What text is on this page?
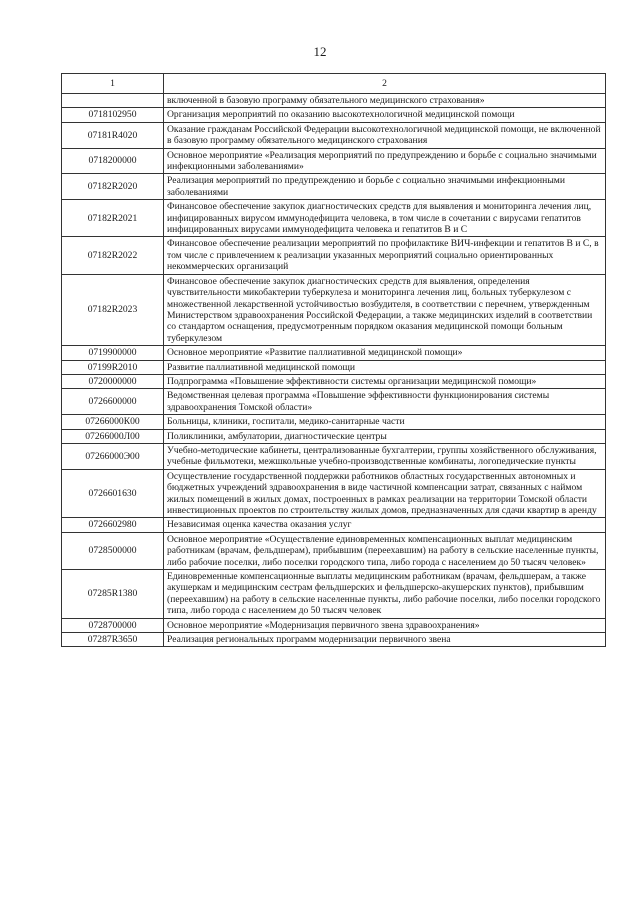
12
1	2
	включенной в базовую программу обязательного медицинского страхования»
0718102950	Организация мероприятий по оказанию высокотехнологичной медицинской помощи
07181R4020	Оказание гражданам Российской Федерации высокотехнологичной медицинской помощи, не включенной в базовую программу обязательного медицинского страхования
0718200000	Основное мероприятие «Реализация мероприятий по предупреждению и борьбе с социально значимыми инфекционными заболеваниями»
07182R2020	Реализация мероприятий по предупреждению и борьбе с социально значимыми инфекционными заболеваниями
07182R2021	Финансовое обеспечение закупок диагностических средств для выявления и мониторинга лечения лиц, инфицированных вирусом иммунодефицита человека, в том числе в сочетании с вирусами гепатитов инфицированных вирусами иммунодефицита человека и гепатитов В и С
07182R2022	Финансовое обеспечение реализации мероприятий по профилактике ВИЧ-инфекции и гепатитов В и С, в том числе с привлечением к реализации указанных мероприятий социально ориентированных некоммерческих организаций
07182R2023	Финансовое обеспечение закупок диагностических средств для выявления, определения чувствительности микобактерии туберкулеза и мониторинга лечения лиц, больных туберкулезом с множественной лекарственной устойчивостью возбудителя, в соответствии с перечнем, утвержденным Министерством здравоохранения Российской Федерации, а также медицинских изделий в соответствии со стандартом оснащения, предусмотренным порядком оказания медицинской помощи больным туберкулезом
0719900000	Основное мероприятие «Развитие паллиативной медицинской помощи»
07199R2010	Развитие паллиативной медицинской помощи
0720000000	Подпрограмма «Повышение эффективности системы организации медицинской помощи»
0726600000	Ведомственная целевая программа «Повышение эффективности функционирования системы здравоохранения Томской области»
07266000К00	Больницы, клиники, госпитали, медико-санитарные части
07266000Л00	Поликлиники, амбулатории, диагностические центры
07266000Э00	Учебно-методические кабинеты, централизованные бухгалтерии, группы хозяйственного обслуживания, учебные фильмотеки, межшкольные учебно-производственные комбинаты, логопедические пункты
0726601630	Осуществление государственной поддержки работников областных государственных автономных и бюджетных учреждений здравоохранения в виде частичной компенсации затрат, связанных с наймом жилых помещений в жилых домах, построенных в рамках реализации на территории Томской области инвестиционных проектов по строительству жилых домов, предназначенных для сдачи квартир в аренду
0726602980	Независимая оценка качества оказания услуг
0728500000	Основное мероприятие «Осуществление единовременных компенсационных выплат медицинским работникам (врачам, фельдшерам), прибывшим (переехавшим) на работу в сельские населенные пункты, либо рабочие поселки, либо поселки городского типа, либо города с населением до 50 тысяч человек»
07285R1380	Единовременные компенсационные выплаты медицинским работникам (врачам, фельдшерам, а также акушеркам и медицинским сестрам фельдшерских и фельдшерско-акушерских пунктов), прибывшим (переехавшим) на работу в сельские населенные пункты, либо рабочие поселки, либо поселки городского типа, либо города с населением до 50 тысяч человек
0728700000	Основное мероприятие «Модернизация первичного звена здравоохранения»
07287R3650	Реализация региональных программ модернизации первичного звена
